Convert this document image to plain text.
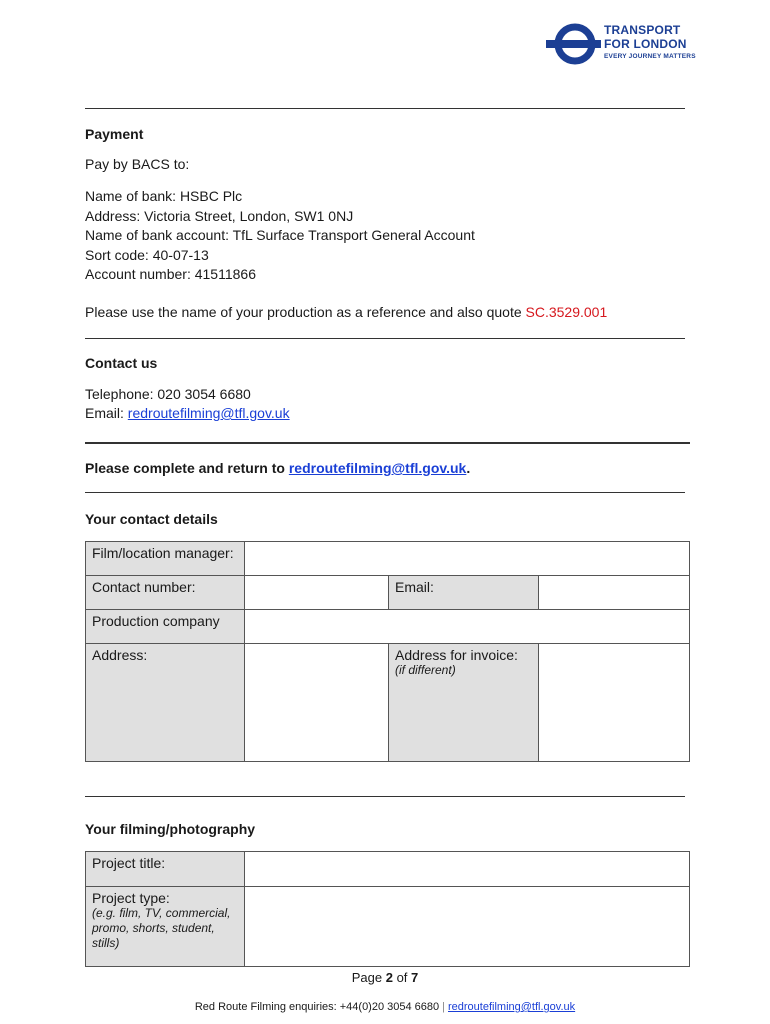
TRANSPORT
FOR LONDON
EVERY JOURNEY MATTERS
Payment
Pay by BACS to:
Name of bank: HSBC Plc
Address: Victoria Street, London, SW1 0NJ
Name of bank account: TfL Surface Transport General Account
Sort code: 40-07-13
Account number: 41511866
Please use the name of your production as a reference and also quote SC.3529.001
Contact us
Telephone: 020 3054 6680
Email: redroutefilming@tfl.gov.uk
Please complete and return to redroutefilming@tfl.gov.uk.
Your contact details
Film/location manager:			
Contact number:		Email:	
Production company			
Address:		Address for invoice:
(if different)	

Your filming/photography
Project title:	
Project type:
(e.g. film, TV, commercial, promo, shorts, student, stills)	

Page 2 of 7
Red Route Filming enquiries: +44(0)20 3054 6680 | redroutefilming@tfl.gov.uk
